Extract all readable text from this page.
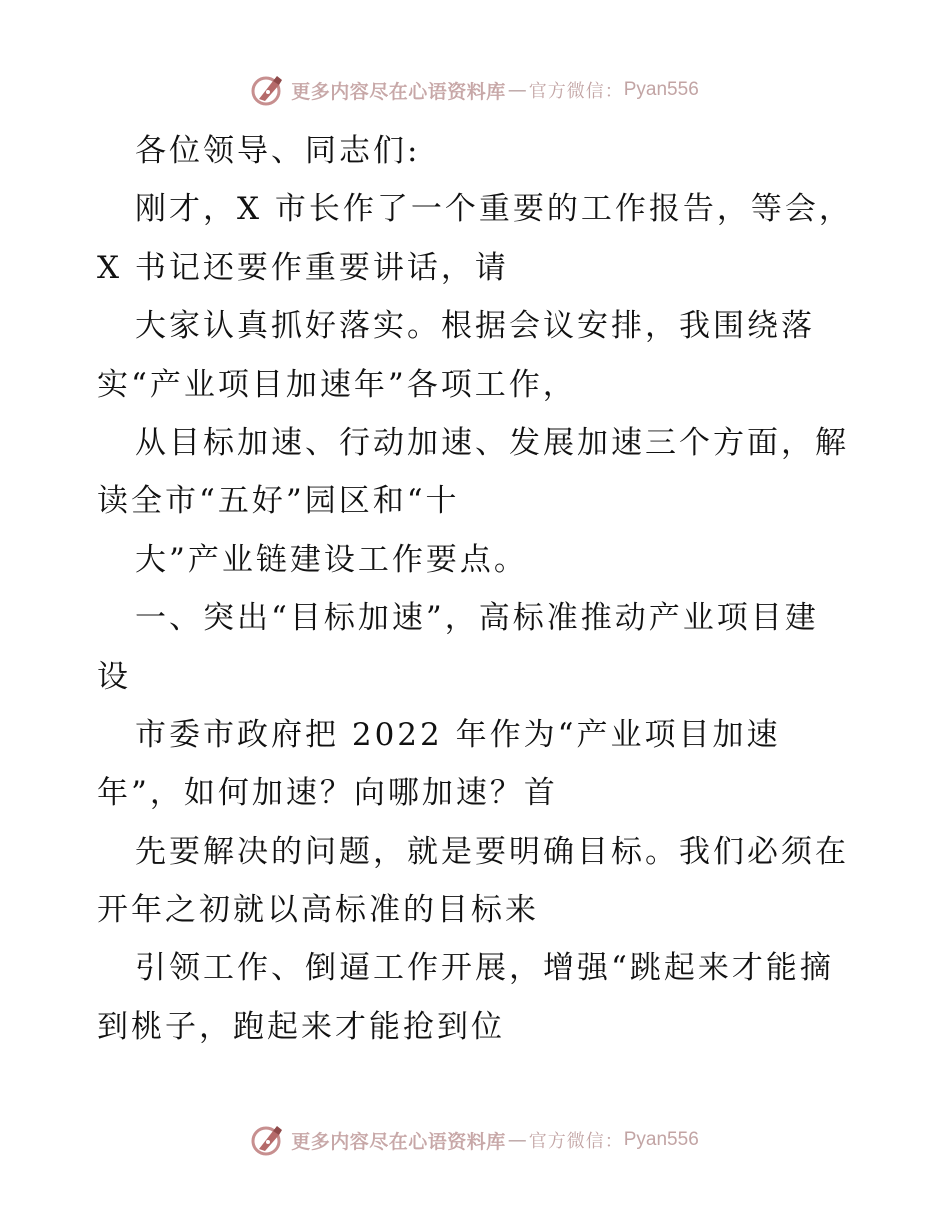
更多内容尽在心语资料库 — 官方微信： Pyan556
各位领导、同志们:
刚才，X 市长作了一个重要的工作报告，等会，
X 书记还要作重要讲话，请
大家认真抓好落实。根据会议安排，我围绕落
实“产业项目加速年”各项工作，
从目标加速、行动加速、发展加速三个方面，解
读全市“五好”园区和“十
大”产业链建设工作要点。
一、突出“目标加速”，高标准推动产业项目建
设
市委市政府把 2022 年作为“产业项目加速
年”，如何加速？向哪加速？首
先要解决的问题，就是要明确目标。我们必须在
开年之初就以高标准的目标来
引领工作、倒逼工作开展，增强“跳起来才能摘
到桃子，跑起来才能抢到位
更多内容尽在心语资料库 — 官方微信： Pyan556
